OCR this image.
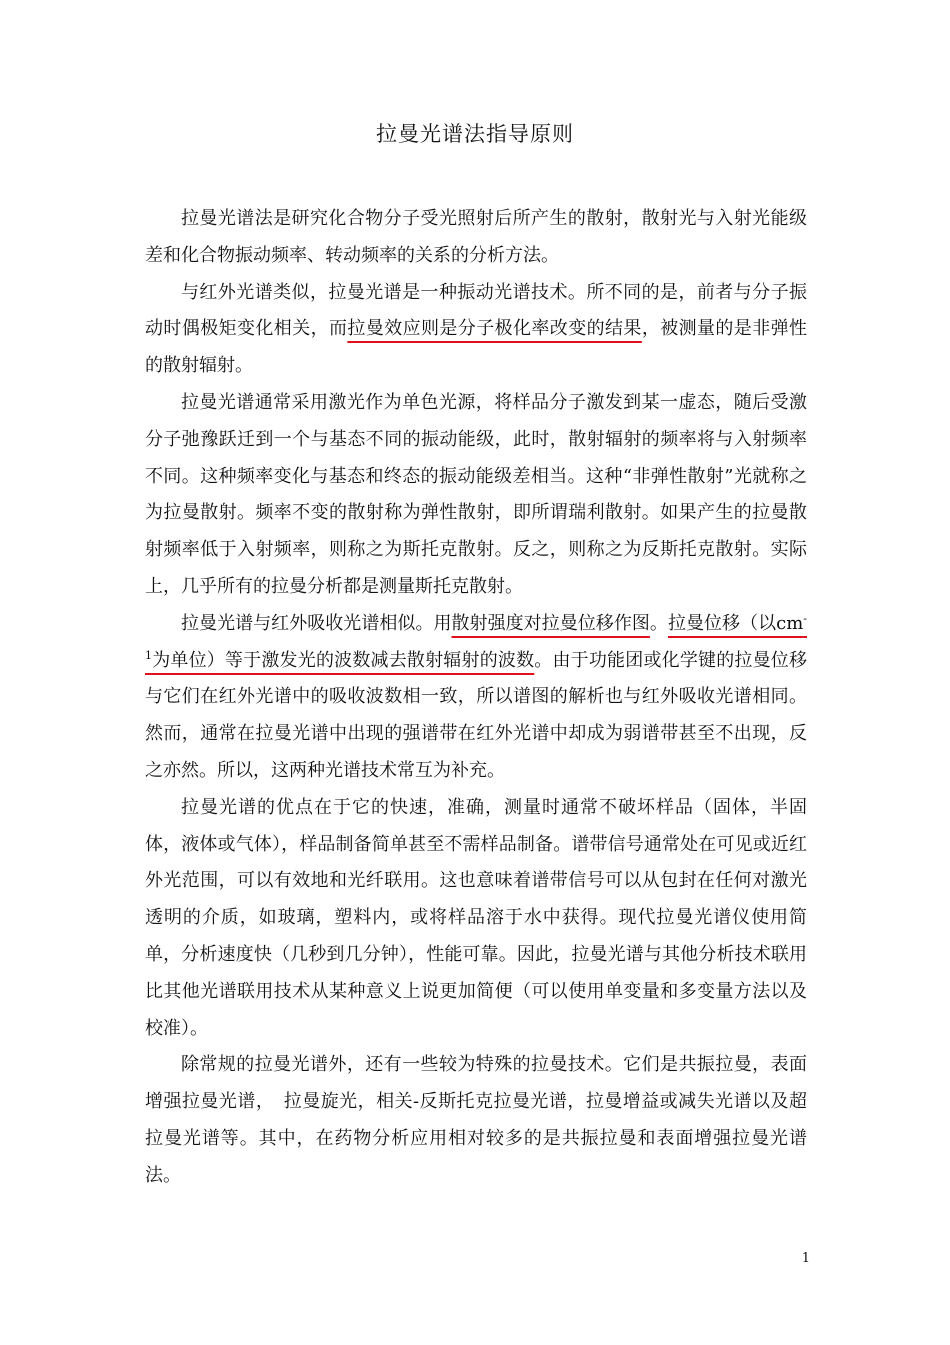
拉曼光谱法指导原则

拉曼光谱法是研究化合物分子受光照射后所产生的散射，散射光与入射光能级差和化合物振动频率、转动频率的关系的分析方法。

与红外光谱类似，拉曼光谱是一种振动光谱技术。所不同的是，前者与分子振动时偶极矩变化相关，而拉曼效应则是分子极化率改变的结果，被测量的是非弹性的散射辐射。

拉曼光谱通常采用激光作为单色光源，将样品分子激发到某一虚态，随后受激分子弛豫跃迁到一个与基态不同的振动能级，此时，散射辐射的频率将与入射频率不同。这种频率变化与基态和终态的振动能级差相当。这种“非弹性散射”光就称之为拉曼散射。频率不变的散射称为弹性散射，即所谓瑞利散射。如果产生的拉曼散射频率低于入射频率，则称之为斯托克散射。反之，则称之为反斯托克散射。实际上，几乎所有的拉曼分析都是测量斯托克散射。

拉曼光谱与红外吸收光谱相似。用散射强度对拉曼位移作图。拉曼位移（以$cm^{-1}$为单位）等于激发光的波数减去散射辐射的波数。由于功能团或化学键的拉曼位移与它们在红外光谱中的吸收波数相一致，所以谱图的解析也与红外吸收光谱相同。然而，通常在拉曼光谱中出现的强谱带在红外光谱中却成为弱谱带甚至不出现，反之亦然。所以，这两种光谱技术常互为补充。

拉曼光谱的优点在于它的快速，准确，测量时通常不破坏样品（固体，半固体，液体或气体），样品制备简单甚至不需样品制备。谱带信号通常处在可见或近红外光范围，可以有效地和光纤联用。这也意味着谱带信号可以从包封在任何对激光透明的介质，如玻璃，塑料内，或将样品溶于水中获得。现代拉曼光谱仪使用简单，分析速度快（几秒到几分钟），性能可靠。因此，拉曼光谱与其他分析技术联用比其他光谱联用技术从某种意义上说更加简便（可以使用单变量和多变量方法以及校准）。

除常规的拉曼光谱外，还有一些较为特殊的拉曼技术。它们是共振拉曼，表面增强拉曼光谱，　拉曼旋光，相关-反斯托克拉曼光谱，拉曼增益或减失光谱以及超拉曼光谱等。其中，在药物分析应用相对较多的是共振拉曼和表面增强拉曼光谱法。

1
